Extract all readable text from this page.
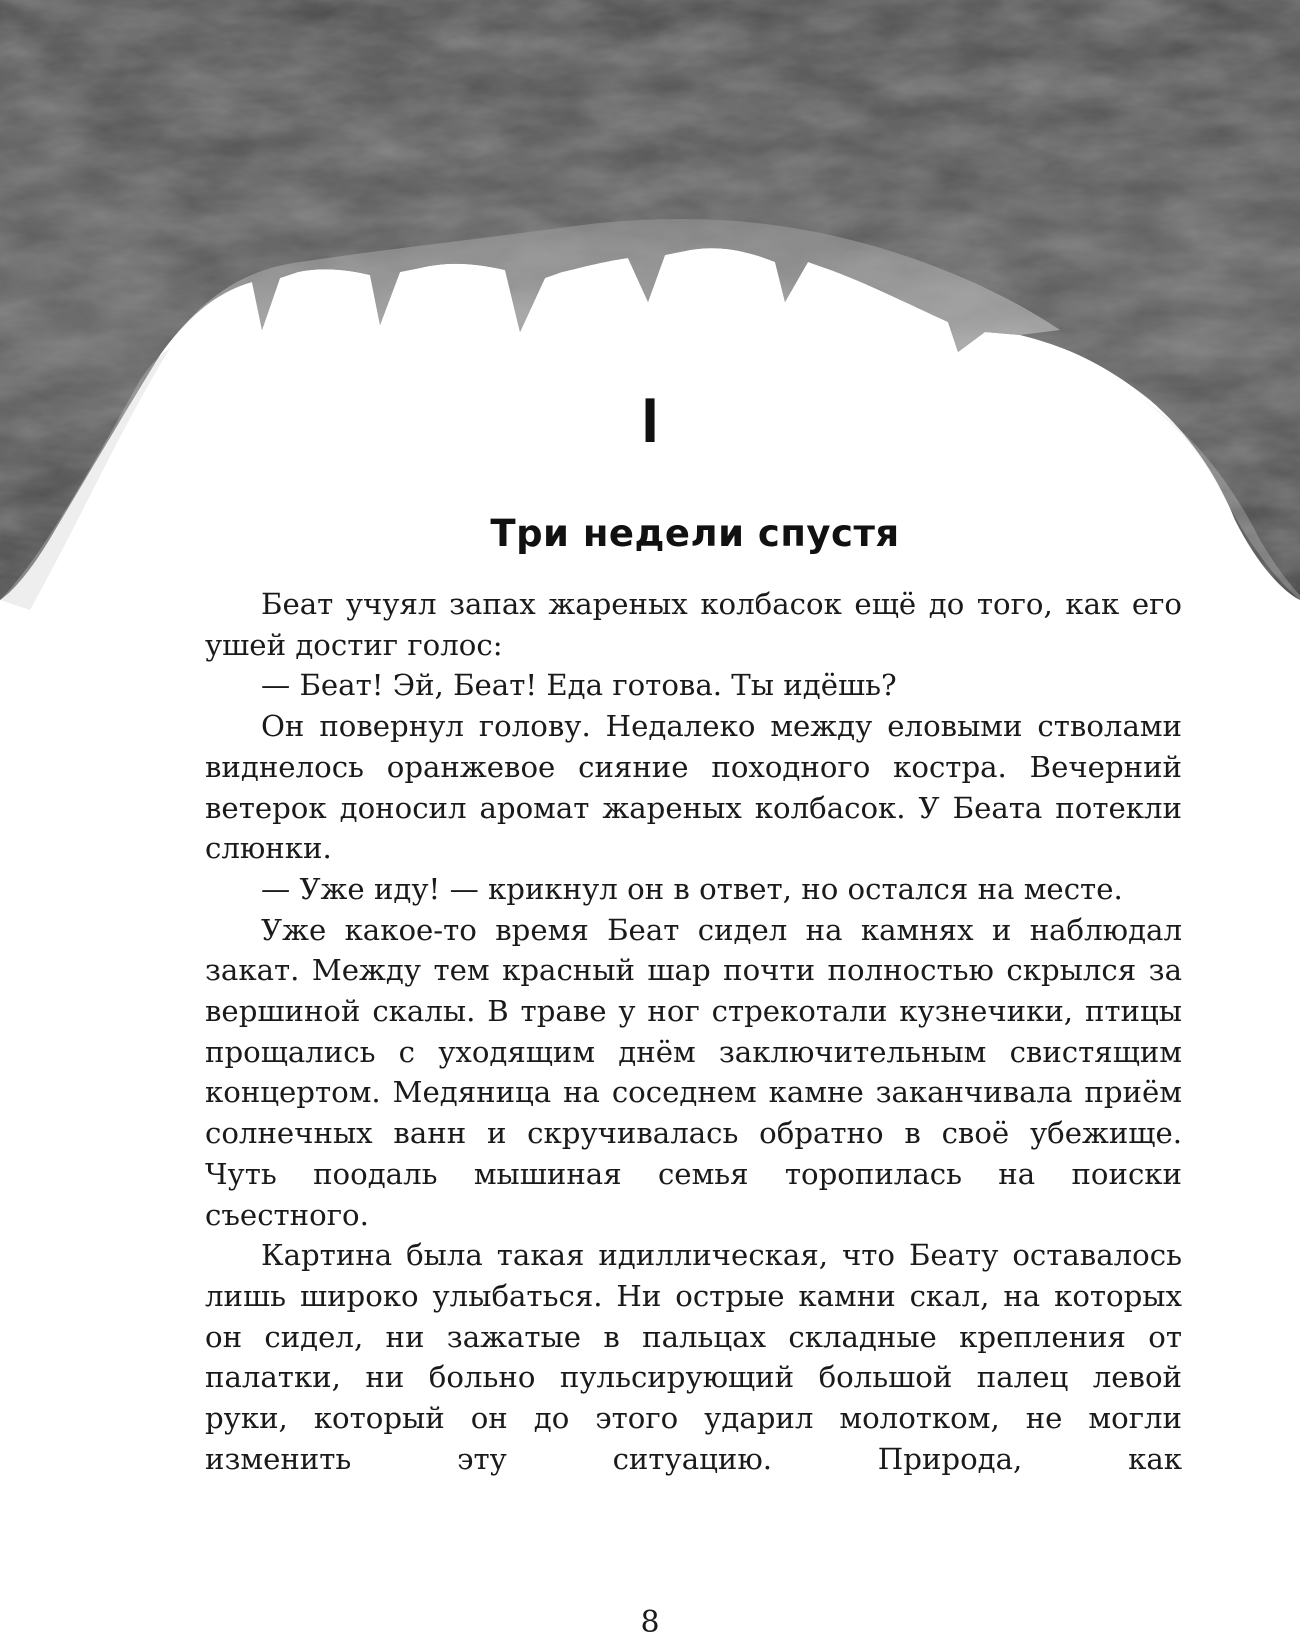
I
Три недели спустя

Беат учуял запах жареных колбасок ещё до того, как его ушей достиг голос:

— Беат! Эй, Беат! Еда готова. Ты идёшь?

Он повернул голову. Недалеко между еловыми стволами виднелось оранжевое сияние походного костра. Вечерний ветерок доносил аромат жареных колбасок. У Беата потекли слюнки.

— Уже иду! — крикнул он в ответ, но остался на месте.

Уже какое-то время Беат сидел на камнях и наблюдал закат. Между тем красный шар почти полностью скрылся за вершиной скалы. В траве у ног стрекотали кузнечики, птицы прощались с уходящим днём заключительным свистящим концертом. Медяница на соседнем камне заканчивала приём солнечных ванн и скручивалась обратно в своё убежище. Чуть поодаль мышиная семья торопилась на поиски съестного.

Картина была такая идиллическая, что Беату оставалось лишь широко улыбаться. Ни острые камни скал, на которых он сидел, ни зажатые в пальцах складные крепления от палатки, ни больно пульсирующий большой палец левой руки, который он до этого ударил молотком, не могли изменить эту ситуацию. Природа, как

8
